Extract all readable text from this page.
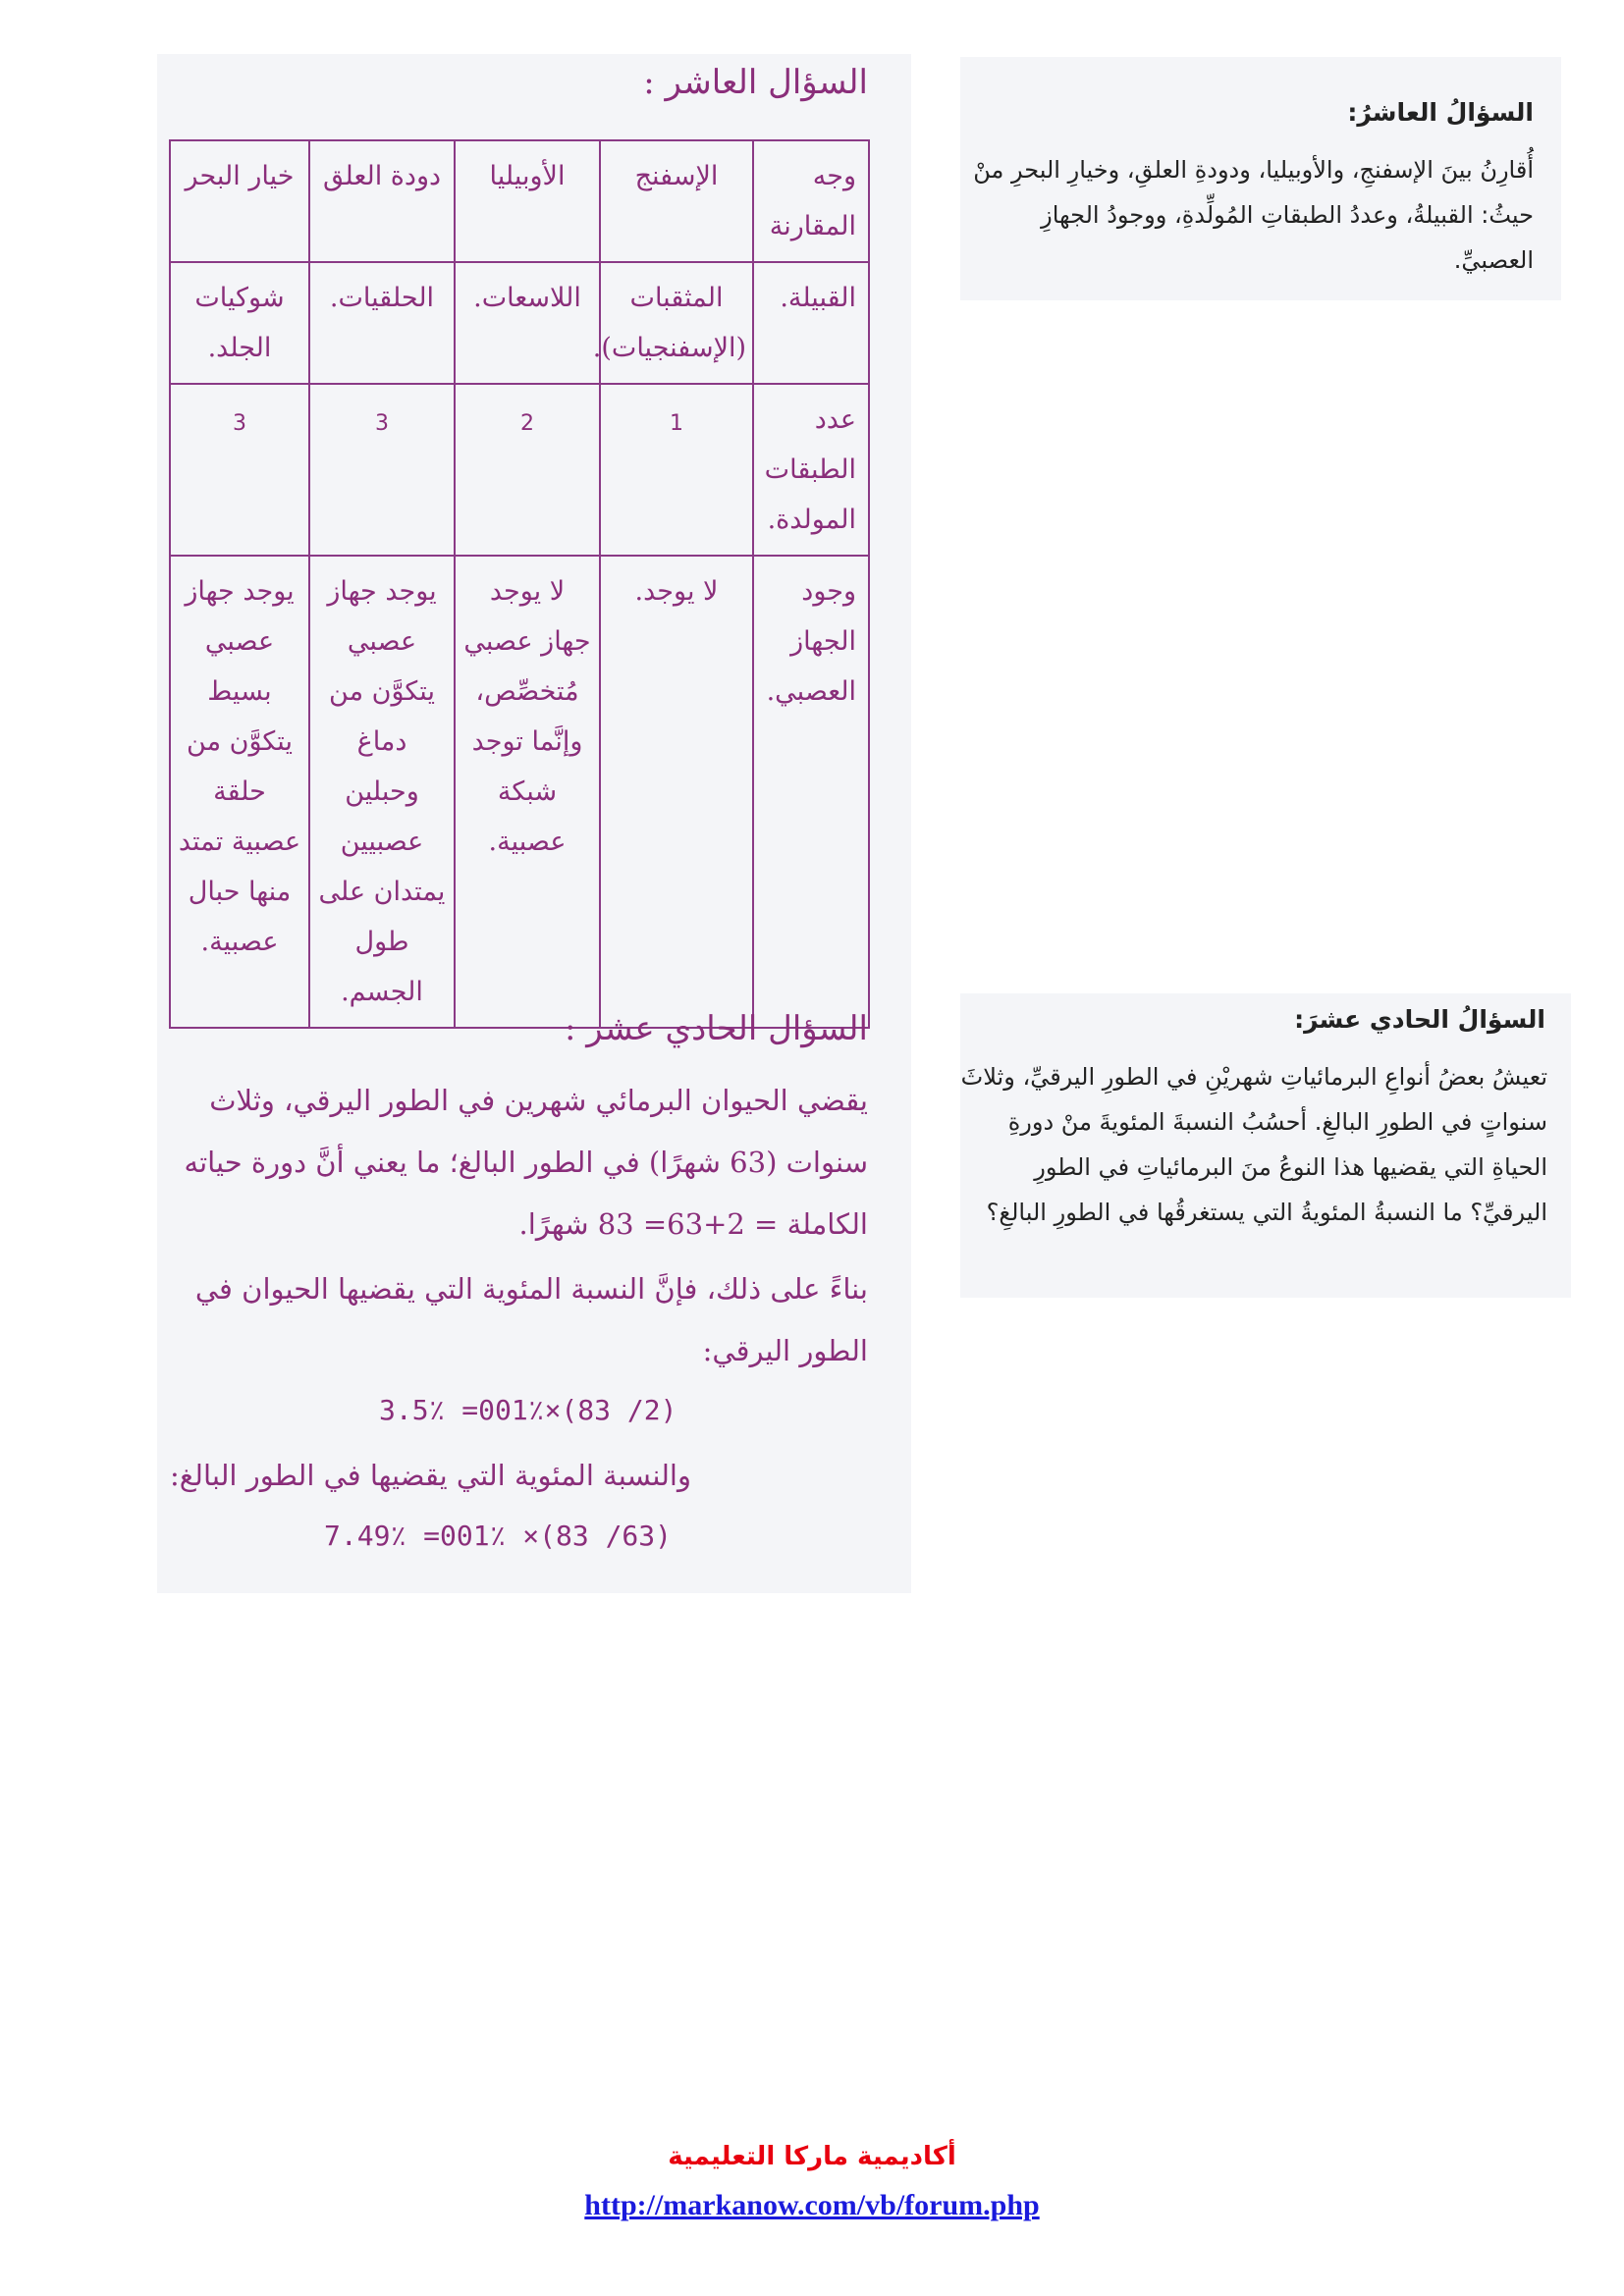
السؤالُ العاشرُ:
أُقارِنُ بينَ الإسفنجِ، والأوبيليا، ودودةِ العلقِ، وخيارِ البحرِ منْ حيثُ: القبيلةُ، وعددُ الطبقاتِ المُولِّدةِ، ووجودُ الجهازِ العصبيِّ.
السؤالُ الحادي عشرَ:
تعيشُ بعضُ أنواعِ البرمائياتِ شهريْنِ في الطورِ اليرقيِّ، وثلاثَ سنواتٍ في الطورِ البالغِ. أحسُبُ النسبةَ المئويةَ منْ دورةِ الحياةِ التي يقضيها هذا النوعُ منَ البرمائياتِ في الطورِ اليرقيِّ؟ ما النسبةُ المئويةُ التي يستغرقُها في الطورِ البالغِ؟
السؤال العاشر :
وجه المقارنة	الإسفنج	الأوبيليا	دودة العلق	خيار البحر
القبيلة.	المثقبات (الإسفنجيات).	اللاسعات.	الحلقيات.	شوكيات الجلد.
عدد الطبقات المولدة.	1	2	3	3
وجود الجهاز العصبي.	لا يوجد.	لا يوجد جهاز عصبي مُتخصِّص، وإنَّما توجد شبكة عصبية.	يوجد جهاز عصبي يتكوَّن من دماغ وحبلين عصبيين يمتدان على طول الجسم.	يوجد جهاز عصبي بسيط يتكوَّن من حلقة عصبية تمتد منها حبال عصبية.
السؤال الحادي عشر :
يقضي الحيوان البرمائي شهرين في الطور اليرقي، وثلاث سنوات (63 شهرًا) في الطور البالغ؛ ما يعني أنَّ دورة حياته الكاملة = 2+63= 83 شهرًا.
بناءً على ذلك، فإنَّ النسبة المئوية التي يقضيها الحيوان في الطور اليرقي:
3.5٪ =001٪×(83 /2)
والنسبة المئوية التي يقضيها في الطور البالغ:
7.49٪ =001٪ ×(83 /63)
أكاديمية ماركا التعليمية
http://markanow.com/vb/forum.php
